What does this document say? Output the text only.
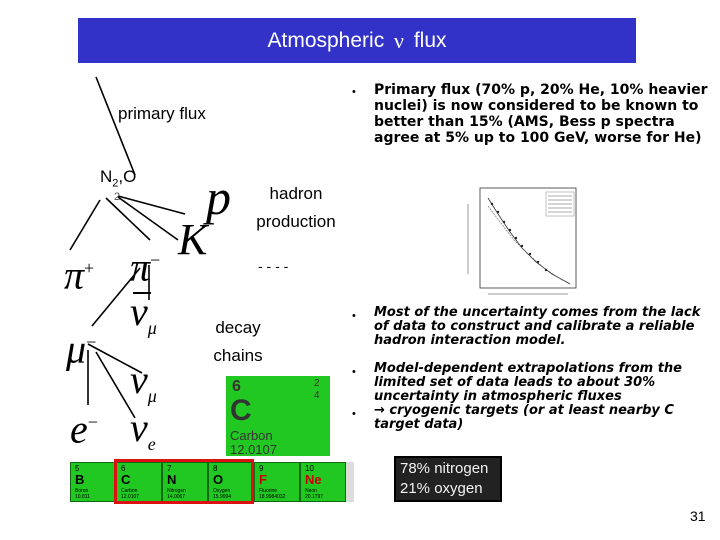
Atmospheric ν flux
primary flux
$N_2,O$
2 p
K
hadron production
- - - -
decay chains
π+ π−
$\nu_\mu$
μ−
$\nu_\mu$
e− $\nu_e$
• Primary flux (70% p, 20% He, 10% heavier nuclei) is now considered to be known to better than 15% (AMS, Bess p spectra agree at 5% up to 100 GeV, worse for He)
• Most of the uncertainty comes from the lack of data to construct and calibrate a reliable hadron interaction model.
• Model-dependent extrapolations from the limited set of data leads to about 30% uncertainty in atmospheric fluxes
• → cryogenic targets (or at least nearby C target data)
6	2
4
C
Carbon
12.0107
5
B
Boron
10.811
6
C
Carbon
12.0107
7
N
Nitrogen
14.0067
8
O
Oxygen
15.9994
9
F
Fluorine
18.9984032
10
Ne
Neon
20.1797
78% nitrogen
21% oxygen
31
